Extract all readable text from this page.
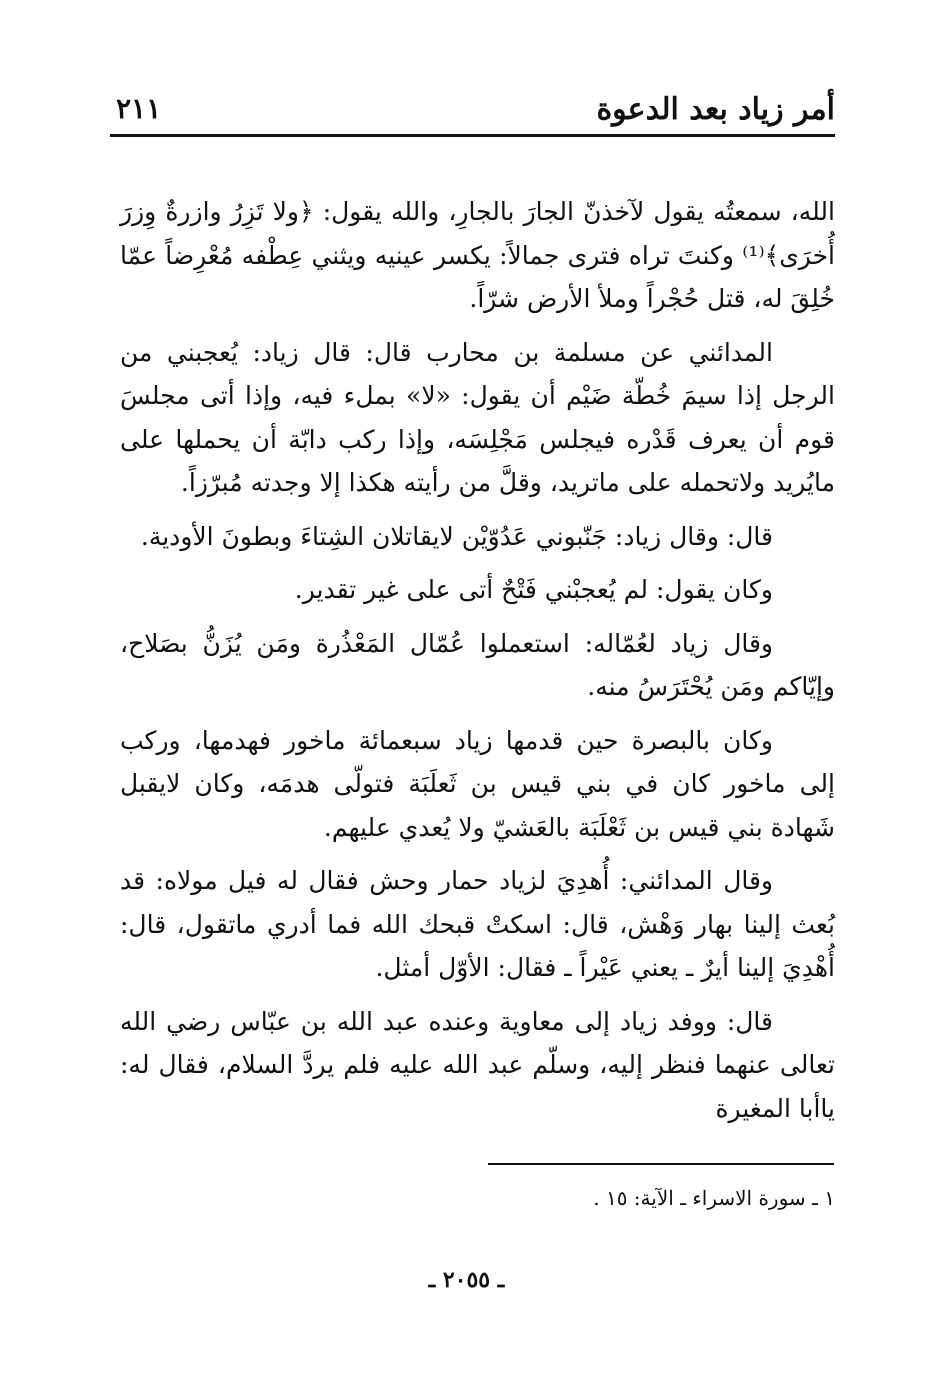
أمر زياد بعد الدعوة
٢١١

الله، سمعتُه يقول لآخذنّ الجارَ بالجارِ، والله يقول: ﴿ولا تَزِرُ وازرةٌ وِزرَ أُخرَى﴾⁽¹⁾ وكنتَ تراه فترى جمالاً: يكسر عينيه ويثني عِطْفه مُعْرِضاً عمّا خُلِقَ له، قتل حُجْراً وملأ الأرض شرّاً.

المدائني عن مسلمة بن محارب قال: قال زياد: يُعجبني من الرجل إذا سيمَ خُطّة ضَيْم أن يقول: «لا» بملء فيه، وإذا أتى مجلسَ قوم أن يعرف قَدْره فيجلس مَجْلِسَه، وإذا ركب دابّة أن يحملها على مايُريد ولاتحمله على ماتريد، وقلَّ من رأيته هكذا إلا وجدته مُبرّزاً.

قال: وقال زياد: جَنّبوني عَدُوّيْن لايقاتلان الشِتاءَ وبطونَ الأودية.

وكان يقول: لم يُعجبْني فَتْحٌ أتى على غير تقدير.

وقال زياد لعُمّاله: استعملوا عُمّال المَعْذُرة ومَن يُزَنُّ بصَلاح، وإيّاكم ومَن يُحْتَرَسُ منه.

وكان بالبصرة حين قدمها زياد سبعمائة ماخور فهدمها، وركب إلى ماخور كان في بني قيس بن ثَعلَبَة فتولّى هدمَه، وكان لايقبل شَهادة بني قيس بن ثَعْلَبَة بالعَشيّ ولا يُعدي عليهم.

وقال المدائني: أُهدِيَ لزياد حمار وحش فقال له فيل مولاه: قد بُعث إلينا بهار وَهْش، قال: اسكتْ قبحك الله فما أدري ماتقول، قال: أُهْدِيَ إلينا أيرٌ ـ يعني عَيْراً ـ فقال: الأوّل أمثل.

قال: ووفد زياد إلى معاوية وعنده عبد الله بن عبّاس رضي الله تعالى عنهما فنظر إليه، وسلّم عبد الله عليه فلم يردَّ السلام، فقال له: ياأبا المغيرة

١ ـ سورة الاسراء ـ الآية: ١٥ .
ـ ٢٠٥٥ ـ
